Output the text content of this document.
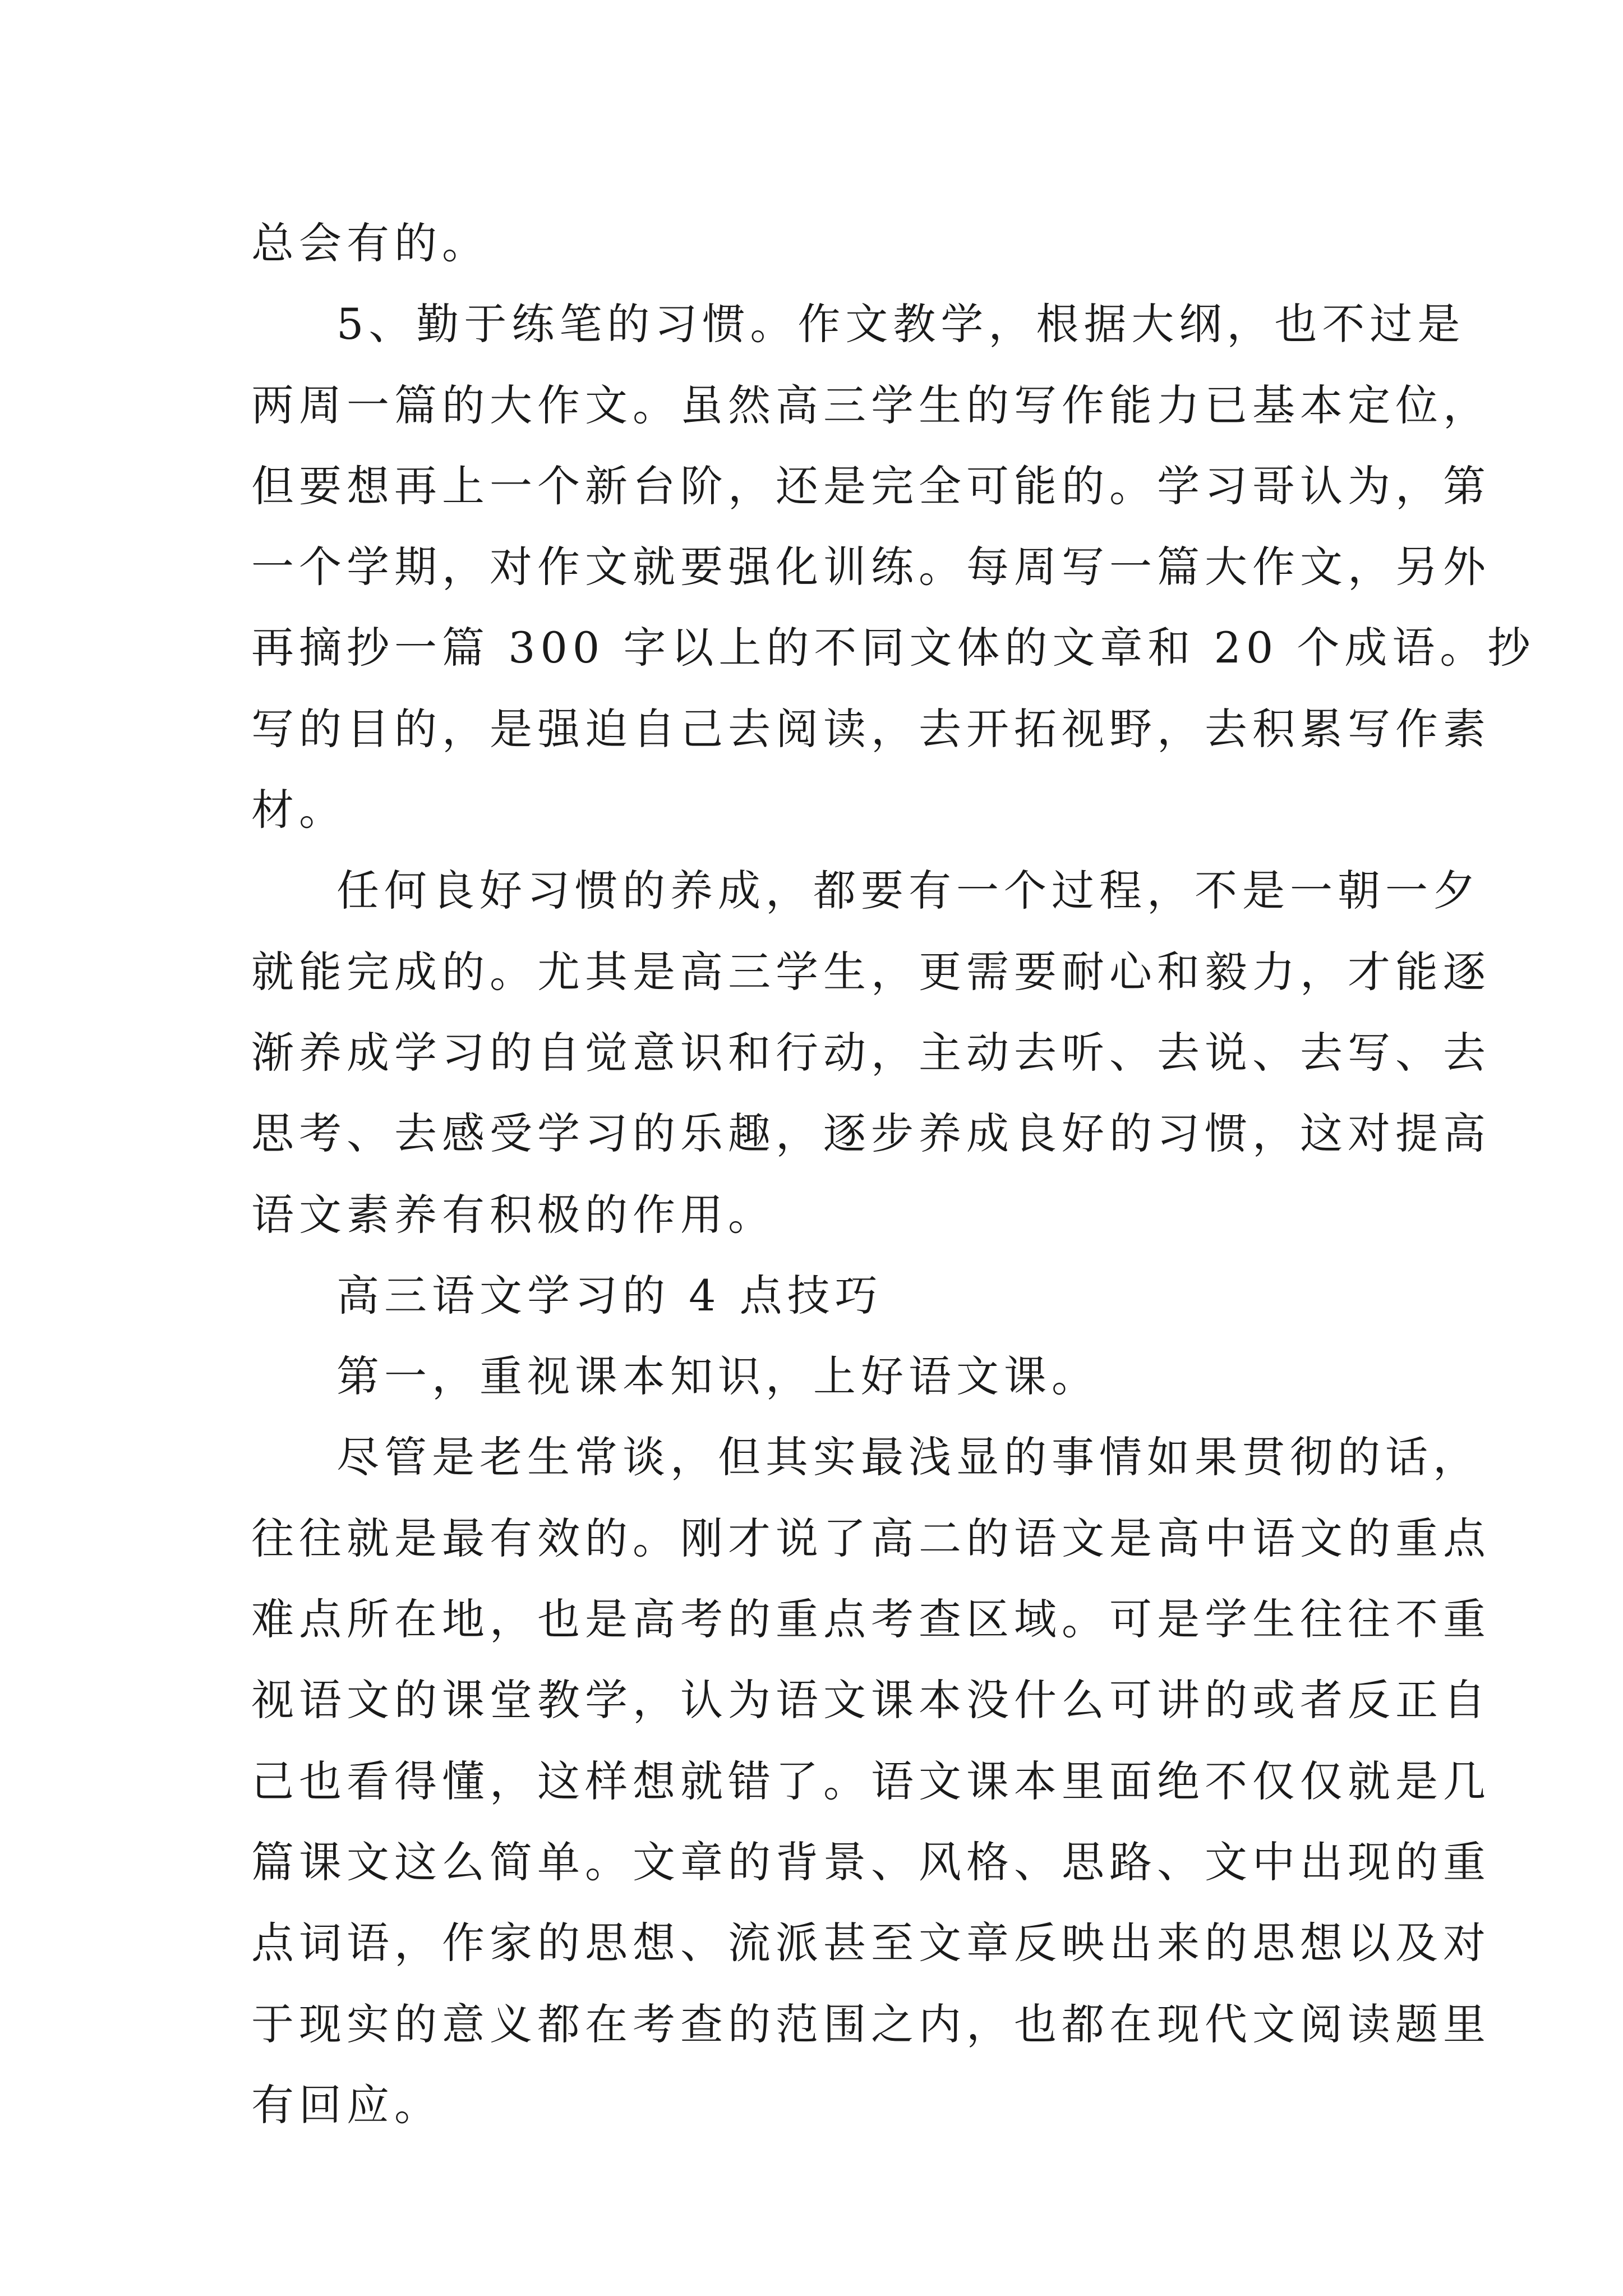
总会有的。
5、勤于练笔的习惯。作文教学，根据大纲，也不过是
两周一篇的大作文。虽然高三学生的写作能力已基本定位，
但要想再上一个新台阶，还是完全可能的。学习哥认为，第
一个学期，对作文就要强化训练。每周写一篇大作文，另外
再摘抄一篇 300 字以上的不同文体的文章和 20 个成语。抄
写的目的，是强迫自己去阅读，去开拓视野，去积累写作素
材。
任何良好习惯的养成，都要有一个过程，不是一朝一夕
就能完成的。尤其是高三学生，更需要耐心和毅力，才能逐
渐养成学习的自觉意识和行动，主动去听、去说、去写、去
思考、去感受学习的乐趣，逐步养成良好的习惯，这对提高
语文素养有积极的作用。
高三语文学习的 4 点技巧
第一，重视课本知识，上好语文课。
尽管是老生常谈，但其实最浅显的事情如果贯彻的话，
往往就是最有效的。刚才说了高二的语文是高中语文的重点
难点所在地，也是高考的重点考查区域。可是学生往往不重
视语文的课堂教学，认为语文课本没什么可讲的或者反正自
己也看得懂，这样想就错了。语文课本里面绝不仅仅就是几
篇课文这么简单。文章的背景、风格、思路、文中出现的重
点词语，作家的思想、流派甚至文章反映出来的思想以及对
于现实的意义都在考查的范围之内，也都在现代文阅读题里
有回应。
